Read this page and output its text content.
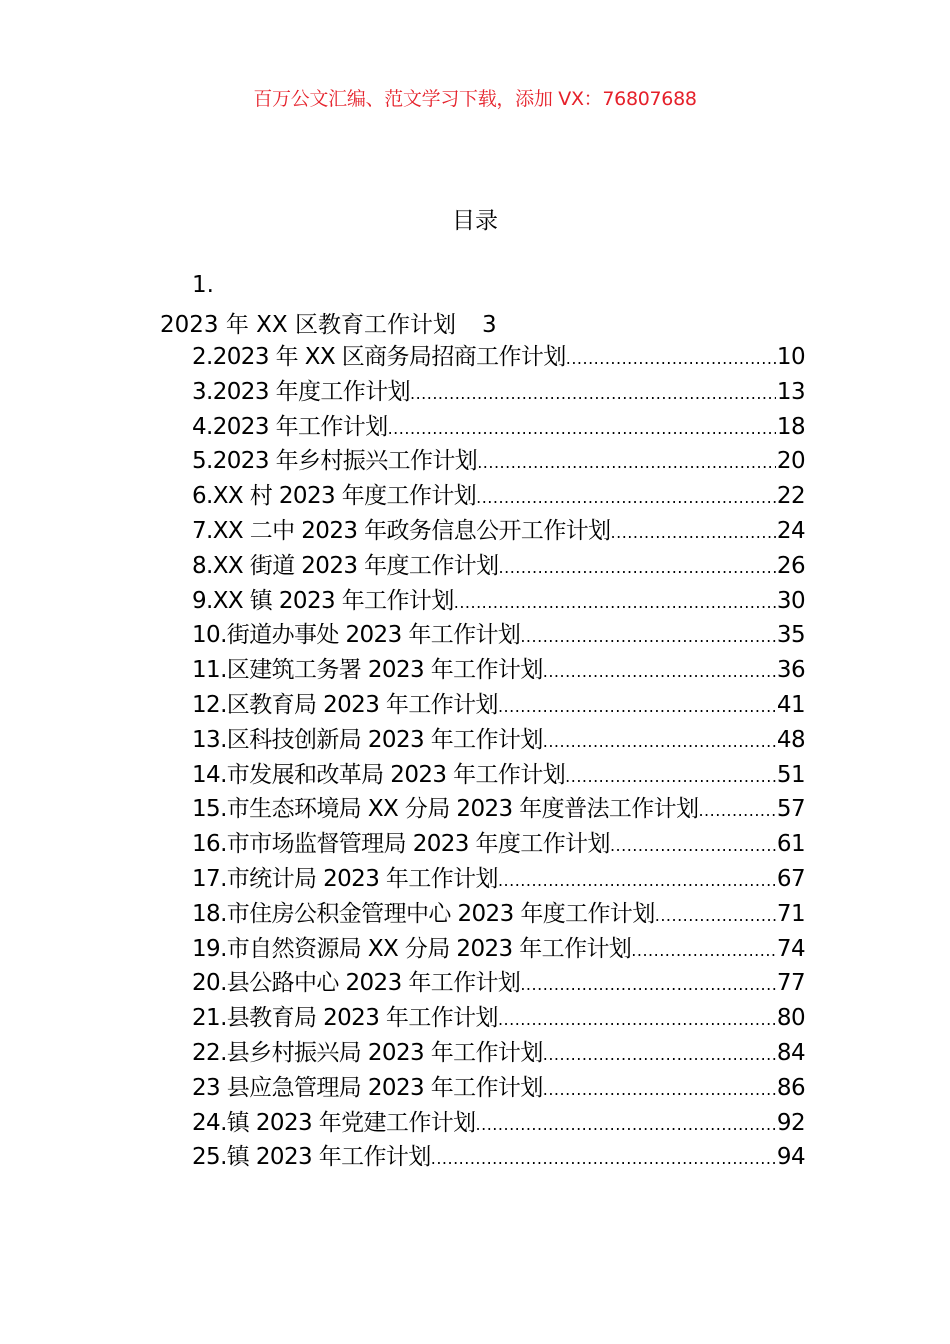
百万公文汇编、范文学习下载，添加 VX：76807688
目录
1.
2023 年 XX 区教育工作计划 3
2.2023 年 XX 区商务局招商工作计划 .....	10
3.2023 年度工作计划 .....	13
4.2023 年工作计划 .....	18
5.2023 年乡村振兴工作计划 .....	20
6.XX 村 2023 年度工作计划 .....	22
7.XX 二中 2023 年政务信息公开工作计划 .....	24
8.XX 街道 2023 年度工作计划 .....	26
9.XX 镇 2023 年工作计划 .....	30
10.街道办事处 2023 年工作计划 .....	35
11.区建筑工务署 2023 年工作计划 .....	36
12.区教育局 2023 年工作计划 .....	41
13.区科技创新局 2023 年工作计划 .....	48
14.市发展和改革局 2023 年工作计划 .....	51
15.市生态环境局 XX 分局 2023 年度普法工作计划 .....	57
16.市市场监督管理局 2023 年度工作计划 .....	61
17.市统计局 2023 年工作计划 .....	67
18.市住房公积金管理中心 2023 年度工作计划 .....	71
19.市自然资源局 XX 分局 2023 年工作计划 .....	74
20.县公路中心 2023 年工作计划 .....	77
21.县教育局 2023 年工作计划 .....	80
22.县乡村振兴局 2023 年工作计划 .....	84
23 县应急管理局 2023 年工作计划 .....	86
24.镇 2023 年党建工作计划 .....	92
25.镇 2023 年工作计划 .....	94
